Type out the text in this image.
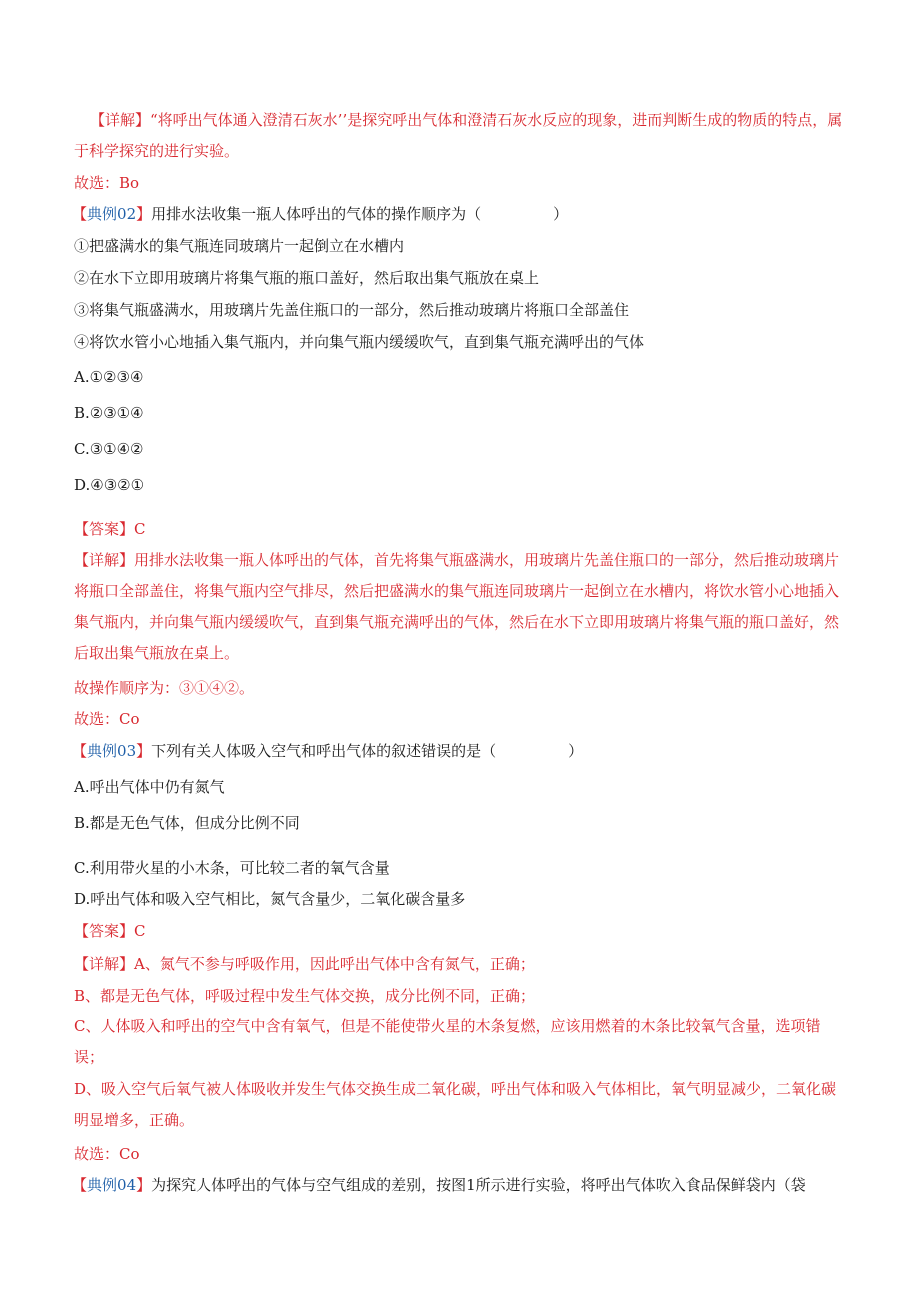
【详解】“将呼出气体通入澄清石灰水’’是探究呼出气体和澄清石灰水反应的现象，进而判断生成的物质的特点，属于科学探究的进行实验。

故选：Bo

【典例02】用排水法收集一瓶人体呼出的气体的操作顺序为（	）

①把盛满水的集气瓶连同玻璃片一起倒立在水槽内

②在水下立即用玻璃片将集气瓶的瓶口盖好，然后取出集气瓶放在桌上

③将集气瓶盛满水，用玻璃片先盖住瓶口的一部分，然后推动玻璃片将瓶口全部盖住

④将饮水管小心地插入集气瓶内，并向集气瓶内缓缓吹气，直到集气瓶充满呼出的气体

A.①②③④

B.②③①④

C.③①④②

D.④③②①

【答案】C

【详解】用排水法收集一瓶人体呼出的气体，首先将集气瓶盛满水，用玻璃片先盖住瓶口的一部分，然后推动玻璃片将瓶口全部盖住，将集气瓶内空气排尽，然后把盛满水的集气瓶连同玻璃片一起倒立在水槽内，将饮水管小心地插入集气瓶内，并向集气瓶内缓缓吹气，直到集气瓶充满呼出的气体，然后在水下立即用玻璃片将集气瓶的瓶口盖好，然后取出集气瓶放在桌上。

故操作顺序为：③①④②。

故选：Co

【典例03】下列有关人体吸入空气和呼出气体的叙述错误的是（	）

A.呼出气体中仍有氮气

B.都是无色气体，但成分比例不同

C.利用带火星的小木条，可比较二者的氧气含量

D.呼出气体和吸入空气相比，氮气含量少，二氧化碳含量多

【答案】C

【详解】A、氮气不参与呼吸作用，因此呼出气体中含有氮气，正确；

B、都是无色气体，呼吸过程中发生气体交换，成分比例不同，正确；

C、人体吸入和呼出的空气中含有氧气，但是不能使带火星的木条复燃，应该用燃着的木条比较氧气含量，选项错误；

D、吸入空气后氧气被人体吸收并发生气体交换生成二氧化碳，呼出气体和吸入气体相比，氧气明显减少，二氧化碳明显增多，正确。

故选：Co

【典例04】为探究人体呼出的气体与空气组成的差别，按图1所示进行实验，将呼出气体吹入食品保鲜袋内（袋
